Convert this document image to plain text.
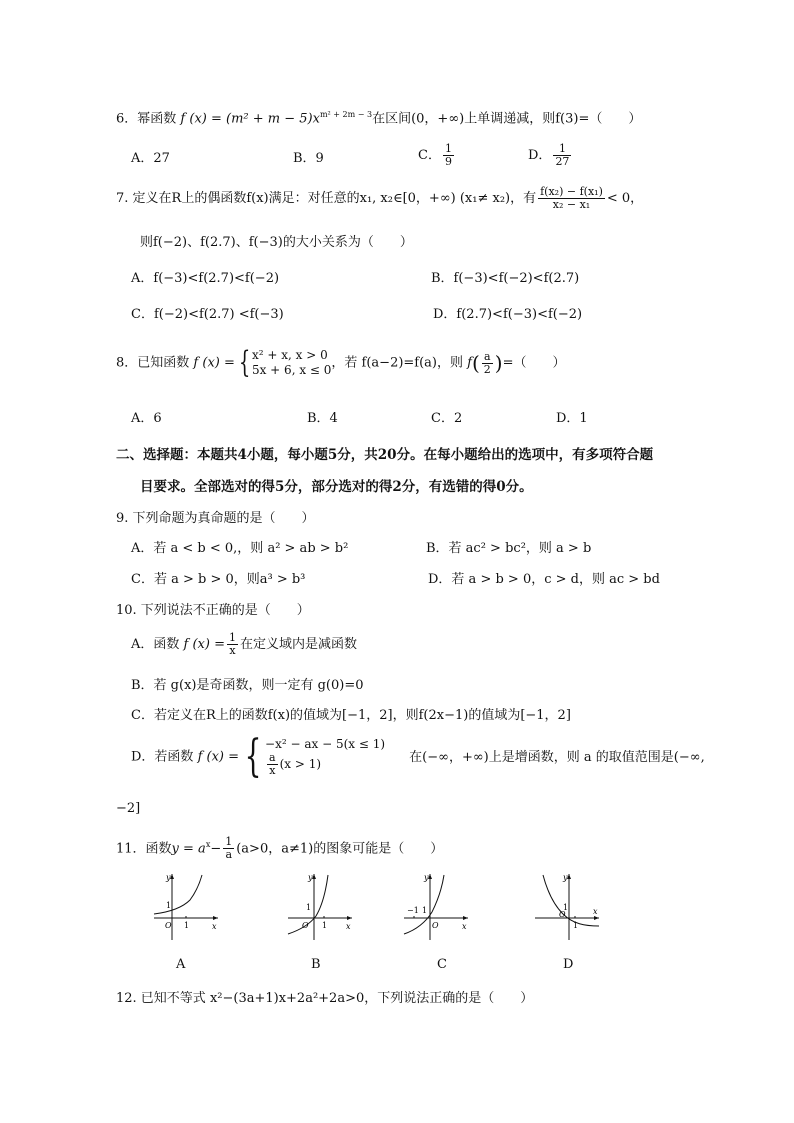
6．幂函数 f $(x) = (m^2 + m - 5)x^{m^2 + 2m - 3}$在区间(0，+∞)上单调递减，则f(3)=（　　）
A．27	B．9	C． $\frac{1}{9}$	D． $\frac{1}{27}$
7. 定义在R上的偶函数f(x)满足：对任意的x₁, x₂∈[0，+∞) (x₁≠ x₂)，有 $\frac{\text{f(x₂) − f(x₁)}}{\text{x₂ − x₁}} < 0$，
则f(−2)、f(2.7)、f(−3)的大小关系为（　　）
A．f(−3)<f(2.7)<f(−2)	B．f(−3)<f(−2)<f(2.7)
C．f(−2)<f(2.7) <f(−3)	D．f(2.7)<f(−3)<f(−2)
8．已知函数 f (x) = { x² + x, x > 0
5x + 6, x ≤ 0 ，若 f(a−2)=f(a)，则 $f( \frac{a}{2}$ )=（　　）
A．6	B．4	C．2	D．1
二、选择题：本题共4小题，每小题5分，共20分。在每小题给出的选项中，有多项符合题
目要求。全部选对的得5分，部分选对的得2分，有选错的得0分。
9. 下列命题为真命题的是（　　）
A．若 a < b < 0,，则 a² > ab > b²	B．若 ac² > bc²，则 a > b
C．若 a > b > 0，则a³ > b³	D．若 a > b > 0，c > d，则 ac > bd
10. 下列说法不正确的是（　　）
A．函数 f $(x) = \frac{1}{x}$ 在定义域内是减函数
B．若 g(x)是奇函数，则一定有 g(0)=0
C．若定义在R上的函数f(x)的值域为[−1，2]，则f(2x−1)的值域为[−1，2]
D．若函数 f (x) = { −x² − ax − 5(x ≤ 1)
$\frac{a}{x} (x > 1)$	在(−∞，+∞)上是增函数，则 a 的取值范围是(−∞,
−2]
11．函数$y = a^x- \frac{1}{a} (a>0$，a≠1)的图象可能是（　　）
y
x
O 1
1
A
y
x
O 1
1
B
y
x
O
−1 1
C
y
x
O
1
1
D
12. 已知不等式 x²−(3a+1)x+2a²+2a>0，下列说法正确的是（　　）
